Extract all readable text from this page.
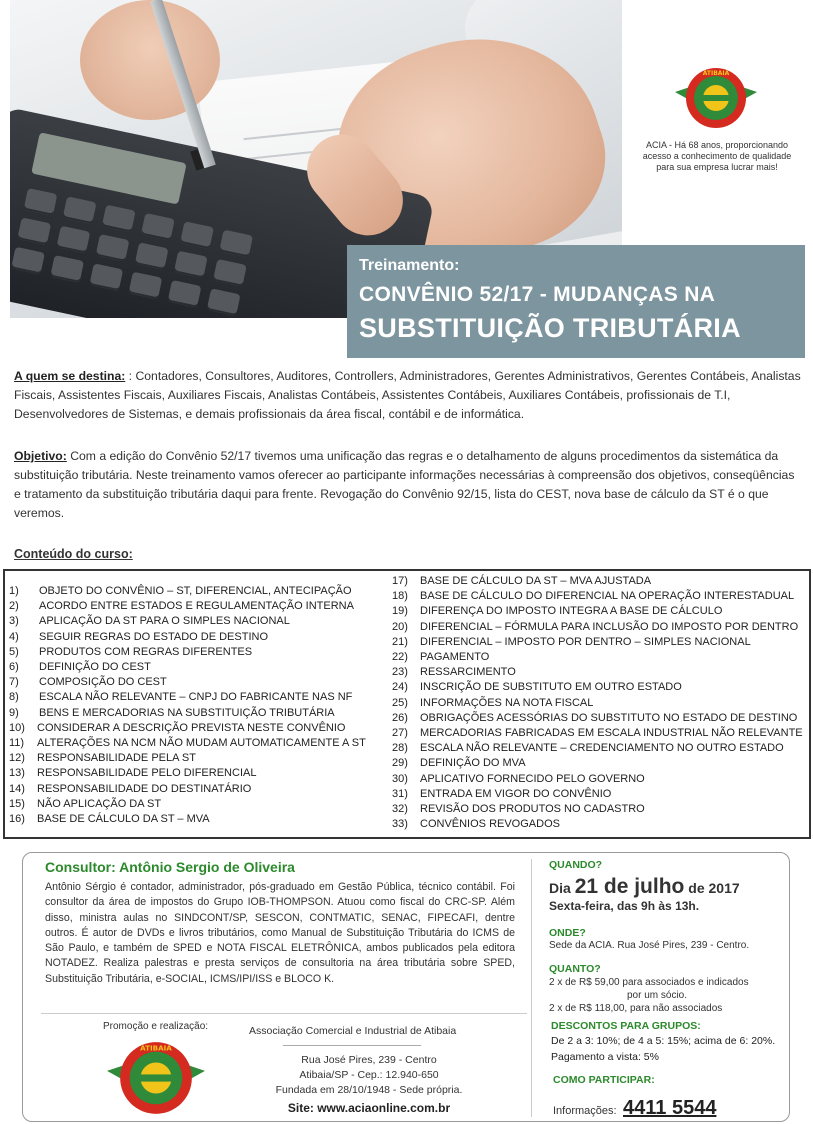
ATIBAIA
ACIA - Há 68 anos, proporcionando acesso a conhecimento de qualidade para sua empresa lucrar mais!
Treinamento:
CONVÊNIO 52/17 - MUDANÇAS NA
SUBSTITUIÇÃO TRIBUTÁRIA
A quem se destina: : Contadores, Consultores, Auditores, Controllers, Administradores, Gerentes Administrativos, Gerentes Contábeis, Analistas Fiscais, Assistentes Fiscais, Auxiliares Fiscais, Analistas Contábeis, Assistentes Contábeis, Auxiliares Contábeis, profissionais de T.I, Desenvolvedores de Sistemas, e demais profissionais da área fiscal, contábil e de informática.
Objetivo: Com a edição do Convênio 52/17 tivemos uma unificação das regras e o detalhamento de alguns procedimentos da sistemática da substituição tributária. Neste treinamento vamos oferecer ao participante informações necessárias à compreensão dos objetivos, conseqüências e tratamento da substituição tributária daqui para frente. Revogação do Convênio 92/15, lista do CEST, nova base de cálculo da ST é o que veremos.
Conteúdo do curso:
1)	OBJETO DO CONVÊNIO – ST, DIFERENCIAL, ANTECIPAÇÃO
2)	ACORDO ENTRE ESTADOS E REGULAMENTAÇÃO INTERNA
3)	APLICAÇÃO DA ST PARA O SIMPLES NACIONAL
4)	SEGUIR REGRAS DO ESTADO DE DESTINO
5)	PRODUTOS COM REGRAS DIFERENTES
6)	DEFINIÇÃO DO CEST
7)	COMPOSIÇÃO DO CEST
8)	ESCALA NÃO RELEVANTE – CNPJ DO FABRICANTE NAS NF
9)	BENS E MERCADORIAS NA SUBSTITUIÇÃO TRIBUTÁRIA
10)	CONSIDERAR A DESCRIÇÃO PREVISTA NESTE CONVÊNIO
11)	ALTERAÇÕES NA NCM NÃO MUDAM AUTOMATICAMENTE A ST
12)	RESPONSABILIDADE PELA ST
13)	RESPONSABILIDADE PELO DIFERENCIAL
14)	RESPONSABILIDADE DO DESTINATÁRIO
15)	NÃO APLICAÇÃO DA ST
16)	BASE DE CÁLCULO DA ST – MVA
17)	BASE DE CÁLCULO DA ST – MVA AJUSTADA
18)	BASE DE CÁLCULO DO DIFERENCIAL NA OPERAÇÃO INTERESTADUAL
19)	DIFERENÇA DO IMPOSTO INTEGRA A BASE DE CÁLCULO
20)	DIFERENCIAL – FÓRMULA PARA INCLUSÃO DO IMPOSTO POR DENTRO
21)	DIFERENCIAL – IMPOSTO POR DENTRO – SIMPLES NACIONAL
22)	PAGAMENTO
23)	RESSARCIMENTO
24)	INSCRIÇÃO DE SUBSTITUTO EM OUTRO ESTADO
25)	INFORMAÇÕES NA NOTA FISCAL
26)	OBRIGAÇÕES ACESSÓRIAS DO SUBSTITUTO NO ESTADO DE DESTINO
27)	MERCADORIAS FABRICADAS EM ESCALA INDUSTRIAL NÃO RELEVANTE
28)	ESCALA NÃO RELEVANTE – CREDENCIAMENTO NO OUTRO ESTADO
29)	DEFINIÇÃO DO MVA
30)	APLICATIVO FORNECIDO PELO GOVERNO
31)	ENTRADA EM VIGOR DO CONVÊNIO
32)	REVISÃO DOS PRODUTOS NO CADASTRO
33)	CONVÊNIOS REVOGADOS
Consultor: Antônio Sergio de Oliveira
Antônio Sérgio é contador, administrador, pós-graduado em Gestão Pública, técnico contábil. Foi consultor da área de impostos do Grupo IOB-THOMPSON. Atuou como fiscal do CRC-SP. Além disso, ministra aulas no SINDCONT/SP, SESCON, CONTMATIC, SENAC, FIPECAFI, dentre outros. É autor de DVDs e livros tributários, como Manual de Substituição Tributária do ICMS de São Paulo, e também de SPED e NOTA FISCAL ELETRÔNICA, ambos publicados pela editora NOTADEZ. Realiza palestras e presta serviços de consultoria na área tributária sobre SPED, Substituição Tributária, e-SOCIAL, ICMS/IPI/ISS e BLOCO K.
Promoção e realização:
ATIBAIA
Associação Comercial e Industrial de Atibaia
Rua José Pires, 239 - Centro
Atibaia/SP - Cep.: 12.940-650
Fundada em 28/10/1948 - Sede própria.
Site: www.aciaonline.com.br
QUANDO?
Dia 21 de julho de 2017
Sexta-feira, das 9h às 13h.
ONDE?
Sede da ACIA. Rua José Pires, 239 - Centro.
QUANTO?
2 x de R$ 59,00 para associados e indicados
por um sócio.
2 x de R$ 118,00, para não associados
DESCONTOS PARA GRUPOS:
De 2 a 3: 10%; de 4 a 5: 15%; acima de 6: 20%.
Pagamento a vista: 5%
COMO PARTICIPAR:
Informações: 4411 5544
